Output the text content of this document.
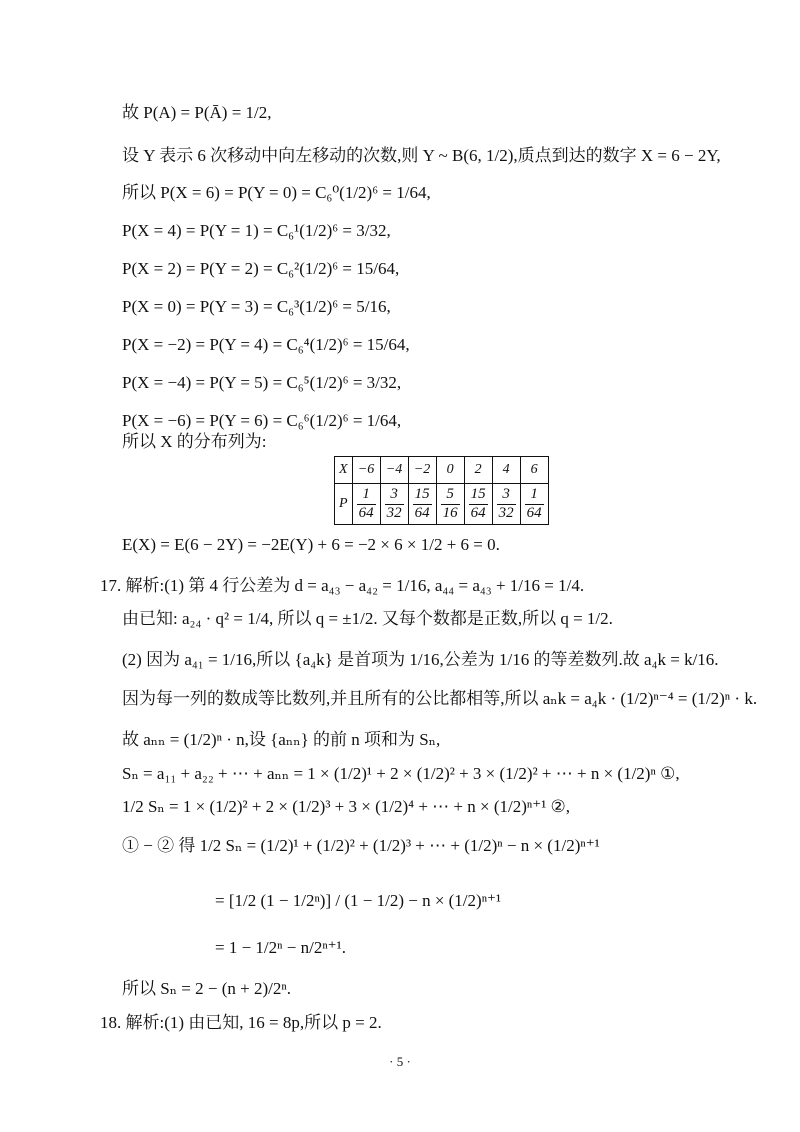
故 P(A) = P(Ā) = 1/2,
设 Y 表示 6 次移动中向左移动的次数,则 Y ~ B(6, 1/2),质点到达的数字 X = 6 − 2Y,
所以 P(X = 6) = P(Y = 0) = C₆⁰(1/2)⁶ = 1/64,
P(X = 4) = P(Y = 1) = C₆¹(1/2)⁶ = 3/32,
P(X = 2) = P(Y = 2) = C₆²(1/2)⁶ = 15/64,
P(X = 0) = P(Y = 3) = C₆³(1/2)⁶ = 5/16,
P(X = −2) = P(Y = 4) = C₆⁴(1/2)⁶ = 15/64,
P(X = −4) = P(Y = 5) = C₆⁵(1/2)⁶ = 3/32,
P(X = −6) = P(Y = 6) = C₆⁶(1/2)⁶ = 1/64,
所以 X 的分布列为:
X	−6	−4	−2	0	2	4	6
P	$\frac{1}{64}$	$\frac{3}{32}$	$\frac{15}{64}$	$\frac{5}{16}$	$\frac{15}{64}$	$\frac{3}{32}$	$\frac{1}{64}$
E(X) = E(6 − 2Y) = −2E(Y) + 6 = −2 × 6 × 1/2 + 6 = 0.
17. 解析:(1) 第 4 行公差为 d = a₄₃ − a₄₂ = 1/16, a₄₄ = a₄₃ + 1/16 = 1/4.
由已知: a₂₄ · q² = 1/4, 所以 q = ±1/2. 又每个数都是正数,所以 q = 1/2.
(2) 因为 a₄₁ = 1/16,所以 {a₄k} 是首项为 1/16,公差为 1/16 的等差数列.故 a₄k = k/16.
因为每一列的数成等比数列,并且所有的公比都相等,所以 aₙk = a₄k · (1/2)ⁿ⁻⁴ = (1/2)ⁿ · k.
故 aₙₙ = (1/2)ⁿ · n,设 {aₙₙ} 的前 n 项和为 Sₙ,
Sₙ = a₁₁ + a₂₂ + ⋯ + aₙₙ = 1 × (1/2)¹ + 2 × (1/2)² + 3 × (1/2)² + ⋯ + n × (1/2)ⁿ ①,
1/2 Sₙ = 1 × (1/2)² + 2 × (1/2)³ + 3 × (1/2)⁴ + ⋯ + n × (1/2)ⁿ⁺¹ ②,
① − ② 得 1/2 Sₙ = (1/2)¹ + (1/2)² + (1/2)³ + ⋯ + (1/2)ⁿ − n × (1/2)ⁿ⁺¹
= [1/2 (1 − 1/2ⁿ)] / (1 − 1/2) − n × (1/2)ⁿ⁺¹
= 1 − 1/2ⁿ − n/2ⁿ⁺¹.
所以 Sₙ = 2 − (n + 2)/2ⁿ.
18. 解析:(1) 由已知, 16 = 8p,所以 p = 2.
· 5 ·
